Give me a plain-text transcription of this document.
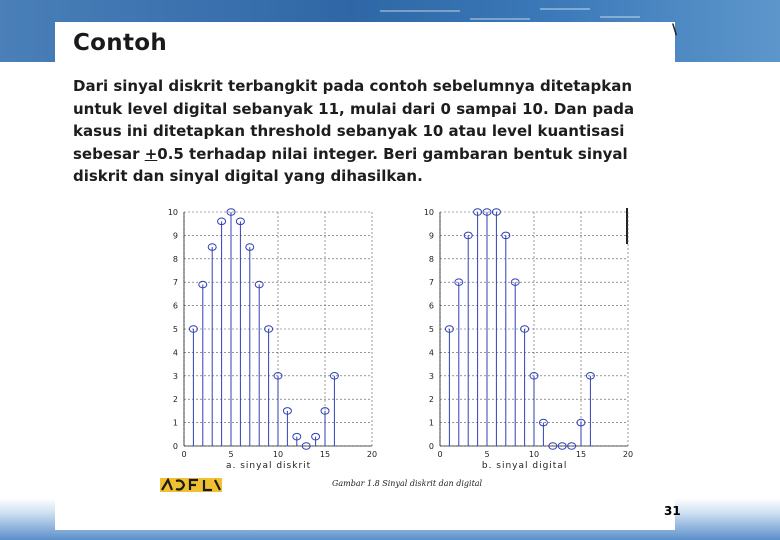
\
Contoh
Dari sinyal diskrit terbangkit pada contoh sebelumnya ditetapkan
untuk level digital sebanyak 11, mulai dari 0 sampai 10. Dan pada
kasus ini ditetapkan threshold sebanyak 10 atau level kuantisasi
sebesar +0.5 terhadap nilai integer. Beri gambaran bentuk sinyal
diskrit dan sinyal digital yang dihasilkan.
0
1
2
3
4
5
6
7
8
9
10
0	5	10	15	20
a. sinyal diskrit
0
1
2
3
4
5
6
7
8
9
10
0	5	10	15	20
b. sinyal digital
Gambar 1.8 Sinyal diskrit dan digital
31
